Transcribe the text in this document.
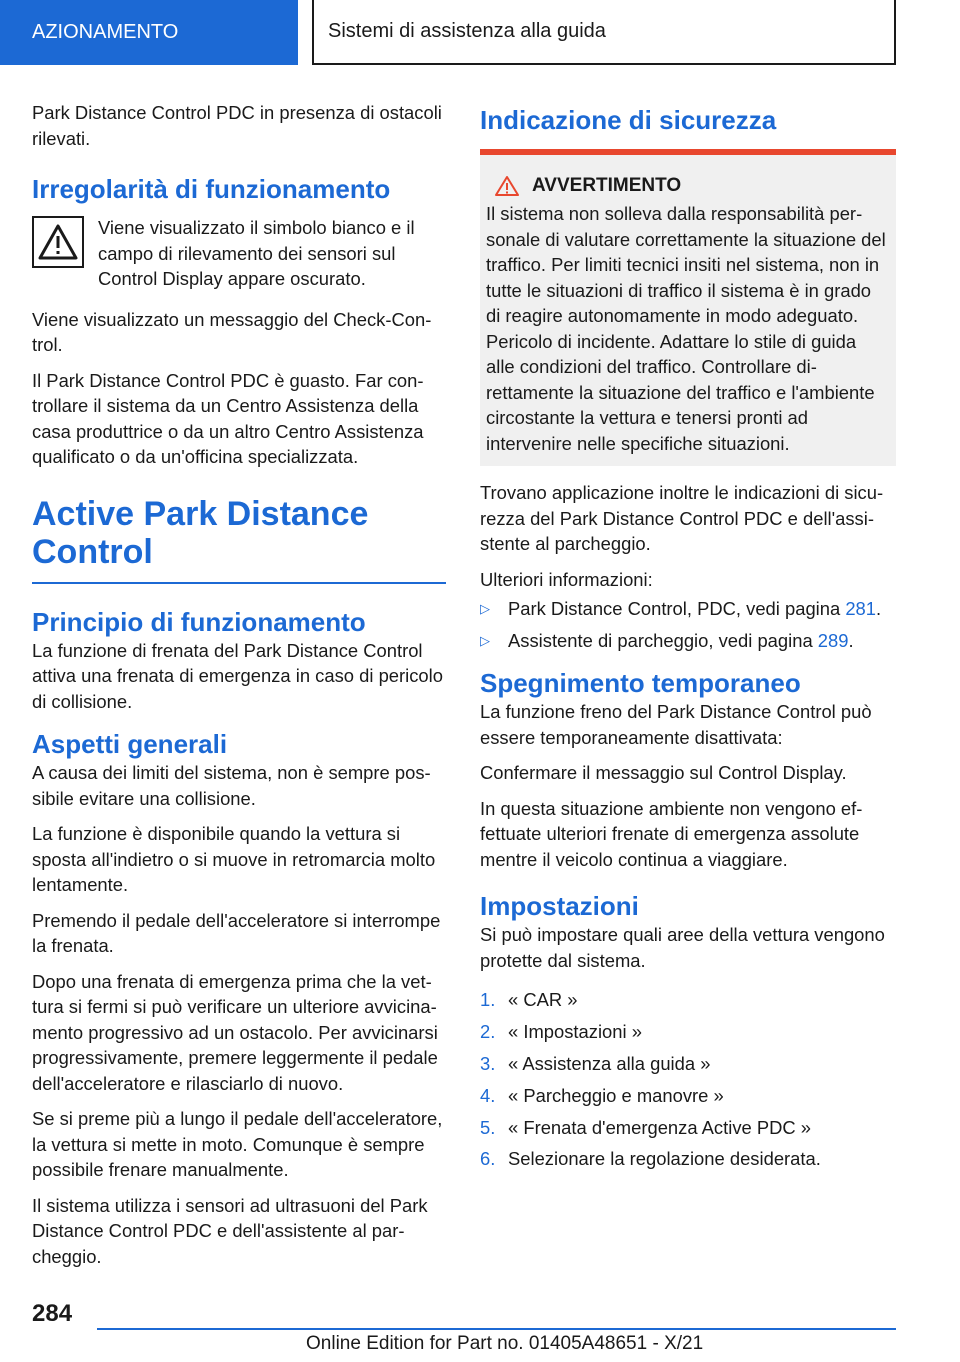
AZIONAMENTO	Sistemi di assistenza alla guida

Park Distance Control PDC in presenza di ostacoli rilevati.

Irregolarità di funzionamento

Viene visualizzato il simbolo bianco e il campo di rilevamento dei sensori sul Control Display appare oscurato.

Viene visualizzato un messaggio del Check-Control.

Il Park Distance Control PDC è guasto. Far controllare il sistema da un Centro Assistenza della casa produttrice o da un altro Centro Assistenza qualificato o da un'officina specializzata.

Active Park Distance Control
Principio di funzionamento

La funzione di frenata del Park Distance Control attiva una frenata di emergenza in caso di pericolo di collisione.

Aspetti generali

A causa dei limiti del sistema, non è sempre possibile evitare una collisione.

La funzione è disponibile quando la vettura si sposta all'indietro o si muove in retromarcia molto lentamente.

Premendo il pedale dell'acceleratore si interrompe la frenata.

Dopo una frenata di emergenza prima che la vettura si fermi si può verificare un ulteriore avvicinamento progressivo ad un ostacolo. Per avvicinarsi progressivamente, premere leggermente il pedale dell'acceleratore e rilasciarlo di nuovo.

Se si preme più a lungo il pedale dell'acceleratore, la vettura si mette in moto. Comunque è sempre possibile frenare manualmente.

Il sistema utilizza i sensori ad ultrasuoni del Park Distance Control PDC e dell'assistente al parcheggio.

Indicazione di sicurezza
AVVERTIMENTO

Il sistema non solleva dalla responsabilità personale di valutare correttamente la situazione del traffico. Per limiti tecnici insiti nel sistema, non in tutte le situazioni di traffico il sistema è in grado di reagire autonomamente in modo adeguato. Pericolo di incidente. Adattare lo stile di guida alle condizioni del traffico. Controllare direttamente la situazione del traffico e l'ambiente circostante la vettura e tenersi pronti ad intervenire nelle specifiche situazioni.

Trovano applicazione inoltre le indicazioni di sicurezza del Park Distance Control PDC e dell'assistente al parcheggio.

Ulteriori informazioni:

▷ Park Distance Control, PDC, vedi pagina 281.
▷ Assistente di parcheggio, vedi pagina 289.
Spegnimento temporaneo

La funzione freno del Park Distance Control può essere temporaneamente disattivata:

Confermare il messaggio sul Control Display.

In questa situazione ambiente non vengono effettuate ulteriori frenate di emergenza assolute mentre il veicolo continua a viaggiare.

Impostazioni

Si può impostare quali aree della vettura vengono protette dal sistema.

1. « CAR »
2. « Impostazioni »
3. « Assistenza alla guida »
4. « Parcheggio e manovre »
5. « Frenata d'emergenza Active PDC »
6. Selezionare la regolazione desiderata.
284
Online Edition for Part no. 01405A48651 - X/21
